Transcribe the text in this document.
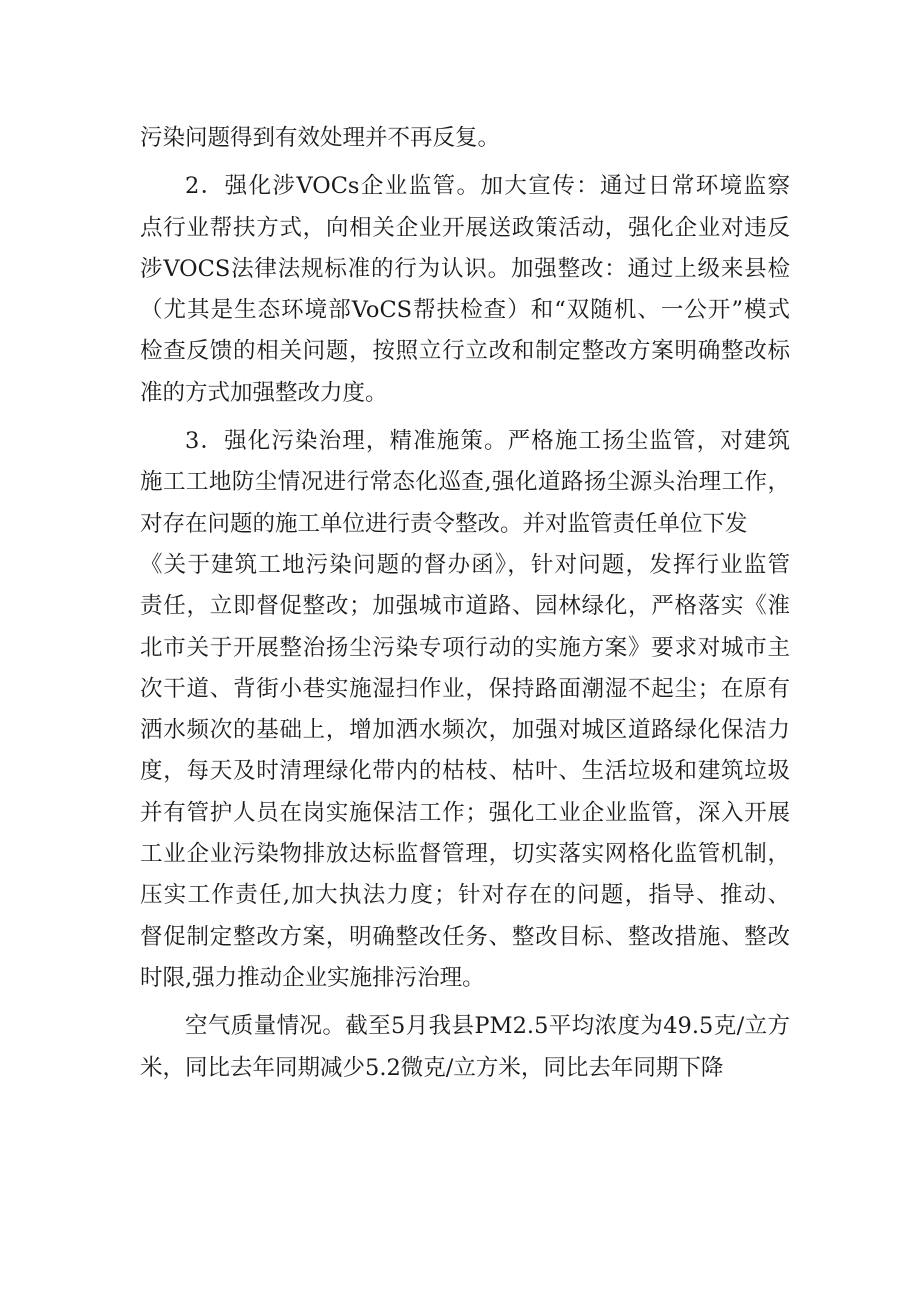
污染问题得到有效处理并不再反复。
2．强化涉VOCs企业监管。加大宣传：通过日常环境监察
点行业帮扶方式，向相关企业开展送政策活动，强化企业对违反
涉VOCS法律法规标准的行为认识。加强整改：通过上级来县检
（尤其是生态环境部VoCS帮扶检查）和“双随机、一公开”模式
检查反馈的相关问题，按照立行立改和制定整改方案明确整改标
准的方式加强整改力度。
3．强化污染治理，精准施策。严格施工扬尘监管，对建筑
施工工地防尘情况进行常态化巡查,强化道路扬尘源头治理工作，
对存在问题的施工单位进行责令整改。并对监管责任单位下发
《关于建筑工地污染问题的督办函》，针对问题，发挥行业监管
责任，立即督促整改；加强城市道路、园林绿化，严格落实《淮
北市关于开展整治扬尘污染专项行动的实施方案》要求对城市主
次干道、背街小巷实施湿扫作业，保持路面潮湿不起尘；在原有
洒水频次的基础上，增加洒水频次，加强对城区道路绿化保洁力
度，每天及时清理绿化带内的枯枝、枯叶、生活垃圾和建筑垃圾
并有管护人员在岗实施保洁工作；强化工业企业监管，深入开展
工业企业污染物排放达标监督管理，切实落实网格化监管机制，
压实工作责任,加大执法力度；针对存在的问题，指导、推动、
督促制定整改方案，明确整改任务、整改目标、整改措施、整改
时限,强力推动企业实施排污治理。
空气质量情况。截至5月我县PM2.5平均浓度为49.5克/立方
米，同比去年同期减少5.2微克/立方米，同比去年同期下降
